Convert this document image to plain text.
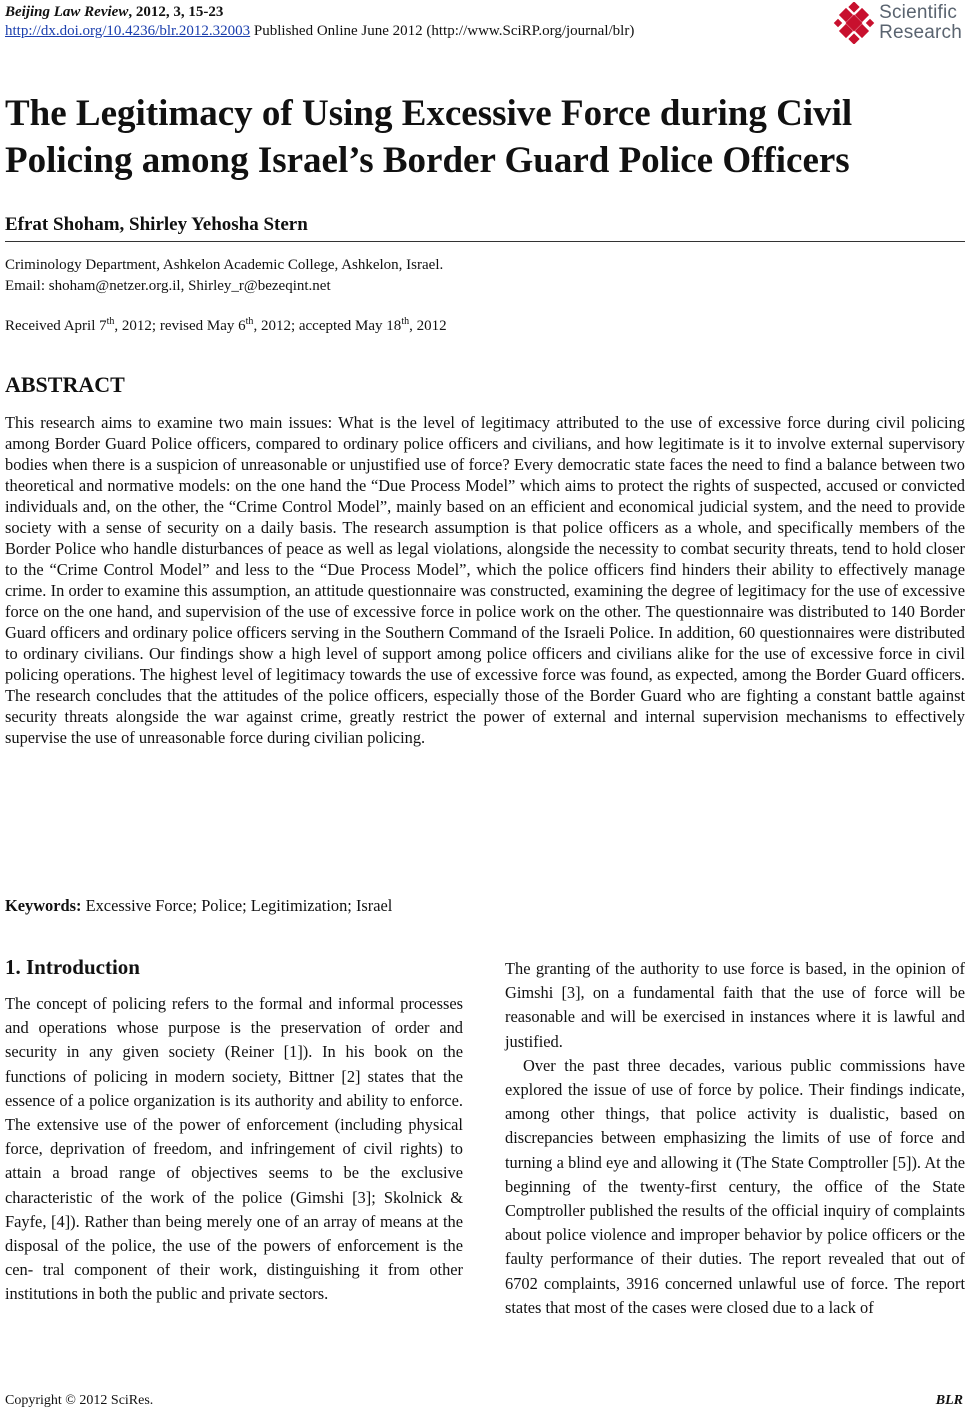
Beijing Law Review, 2012, 3, 15-23
http://dx.doi.org/10.4236/blr.2012.32003 Published Online June 2012 (http://www.SciRP.org/journal/blr)
Scientific
Research
The Legitimacy of Using Excessive Force during Civil Policing among Israel’s Border Guard Police Officers
Efrat Shoham, Shirley Yehosha Stern
Criminology Department, Ashkelon Academic College, Ashkelon, Israel.
Email: shoham@netzer.org.il, Shirley_r@bezeqint.net
Received April 7th, 2012; revised May 6th, 2012; accepted May 18th, 2012
ABSTRACT

This research aims to examine two main issues: What is the level of legitimacy attributed to the use of excessive force during civil policing among Border Guard Police officers, compared to ordinary police officers and civilians, and how legitimate is it to involve external supervisory bodies when there is a suspicion of unreasonable or unjustified use of force? Every democratic state faces the need to find a balance between two theoretical and normative models: on the one hand the “Due Process Model” which aims to protect the rights of suspected, accused or convicted individuals and, on the other, the “Crime Control Model”, mainly based on an efficient and economical judicial system, and the need to provide society with a sense of security on a daily basis. The research assumption is that police officers as a whole, and specifically members of the Border Police who handle disturbances of peace as well as legal violations, alongside the necessity to combat security threats, tend to hold closer to the “Crime Control Model” and less to the “Due Process Model”, which the police officers find hinders their ability to effectively manage crime. In order to examine this assumption, an attitude questionnaire was constructed, examining the degree of legitimacy for the use of excessive force on the one hand, and supervision of the use of excessive force in police work on the other. The questionnaire was distributed to 140 Border Guard officers and ordinary police officers serving in the Southern Command of the Israeli Police. In addition, 60 questionnaires were distributed to ordinary civilians. Our findings show a high level of support among police officers and civilians alike for the use of excessive force in civil policing operations. The highest level of legitimacy towards the use of excessive force was found, as expected, among the Border Guard officers. The research concludes that the attitudes of the police officers, especially those of the Border Guard who are fighting a constant battle against security threats alongside the war against crime, greatly restrict the power of external and internal supervision mechanisms to effectively supervise the use of unreasonable force during civilian policing.

Keywords: Excessive Force; Police; Legitimization; Israel
1. Introduction

The concept of policing refers to the formal and informal processes and operations whose purpose is the preservation of order and security in any given society (Reiner [1]). In his book on the functions of policing in modern society, Bittner [2] states that the essence of a police organization is its authority and ability to enforce. The extensive use of the power of enforcement (including physical force, deprivation of freedom, and infringement of civil rights) to attain a broad range of objectives seems to be the exclusive characteristic of the work of the police (Gimshi [3]; Skolnick & Fayfe, [4]). Rather than being merely one of an array of means at the disposal of the police, the use of the powers of enforcement is the cen- tral component of their work, distinguishing it from other institutions in both the public and private sectors.

The granting of the authority to use force is based, in the opinion of Gimshi [3], on a fundamental faith that the use of force will be reasonable and will be exercised in instances where it is lawful and justified.

Over the past three decades, various public commissions have explored the issue of use of force by police. Their findings indicate, among other things, that police activity is dualistic, based on discrepancies between emphasizing the limits of use of force and turning a blind eye and allowing it (The State Comptroller [5]). At the beginning of the twenty-first century, the office of the State Comptroller published the results of the official inquiry of complaints about police violence and improper behavior by police officers or the faulty performance of their duties. The report revealed that out of 6702 complaints, 3916 concerned unlawful use of force. The report states that most of the cases were closed due to a lack of

Copyright © 2012 SciRes.	BLR
